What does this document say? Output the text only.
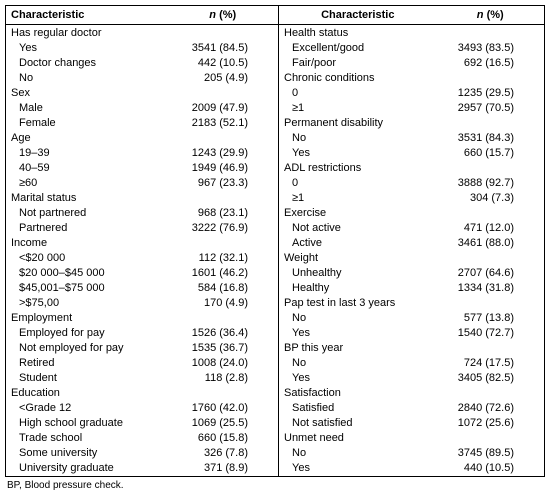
Characteristic	n (%)	Characteristic	n (%)
Has regular doctor		Health status	
Yes	3541 (84.5)	Excellent/good	3493 (83.5)
Doctor changes	442 (10.5)	Fair/poor	692 (16.5)
No	205 (4.9)	Chronic conditions	
Sex		0	1235 (29.5)
Male	2009 (47.9)	≥1	2957 (70.5)
Female	2183 (52.1)	Permanent disability	
Age		No	3531 (84.3)
19–39	1243 (29.9)	Yes	660 (15.7)
40–59	1949 (46.9)	ADL restrictions	
≥60	967 (23.3)	0	3888 (92.7)
Marital status		≥1	304 (7.3)
Not partnered	968 (23.1)	Exercise	
Partnered	3222 (76.9)	Not active	471 (12.0)
Income		Active	3461 (88.0)
<$20 000	112 (32.1)	Weight	
$20 000–$45 000	1601 (46.2)	Unhealthy	2707 (64.6)
$45,001–$75 000	584 (16.8)	Healthy	1334 (31.8)
>$75,00	170 (4.9)	Pap test in last 3 years	
Employment		No	577 (13.8)
Employed for pay	1526 (36.4)	Yes	1540 (72.7)
Not employed for pay	1535 (36.7)	BP this year	
Retired	1008 (24.0)	No	724 (17.5)
Student	118 (2.8)	Yes	3405 (82.5)
Education		Satisfaction	
<Grade 12	1760 (42.0)	Satisfied	2840 (72.6)
High school graduate	1069 (25.5)	Not satisfied	1072 (25.6)
Trade school	660 (15.8)	Unmet need	
Some university	326 (7.8)	No	3745 (89.5)
University graduate	371 (8.9)	Yes	440 (10.5)
BP, Blood pressure check.
